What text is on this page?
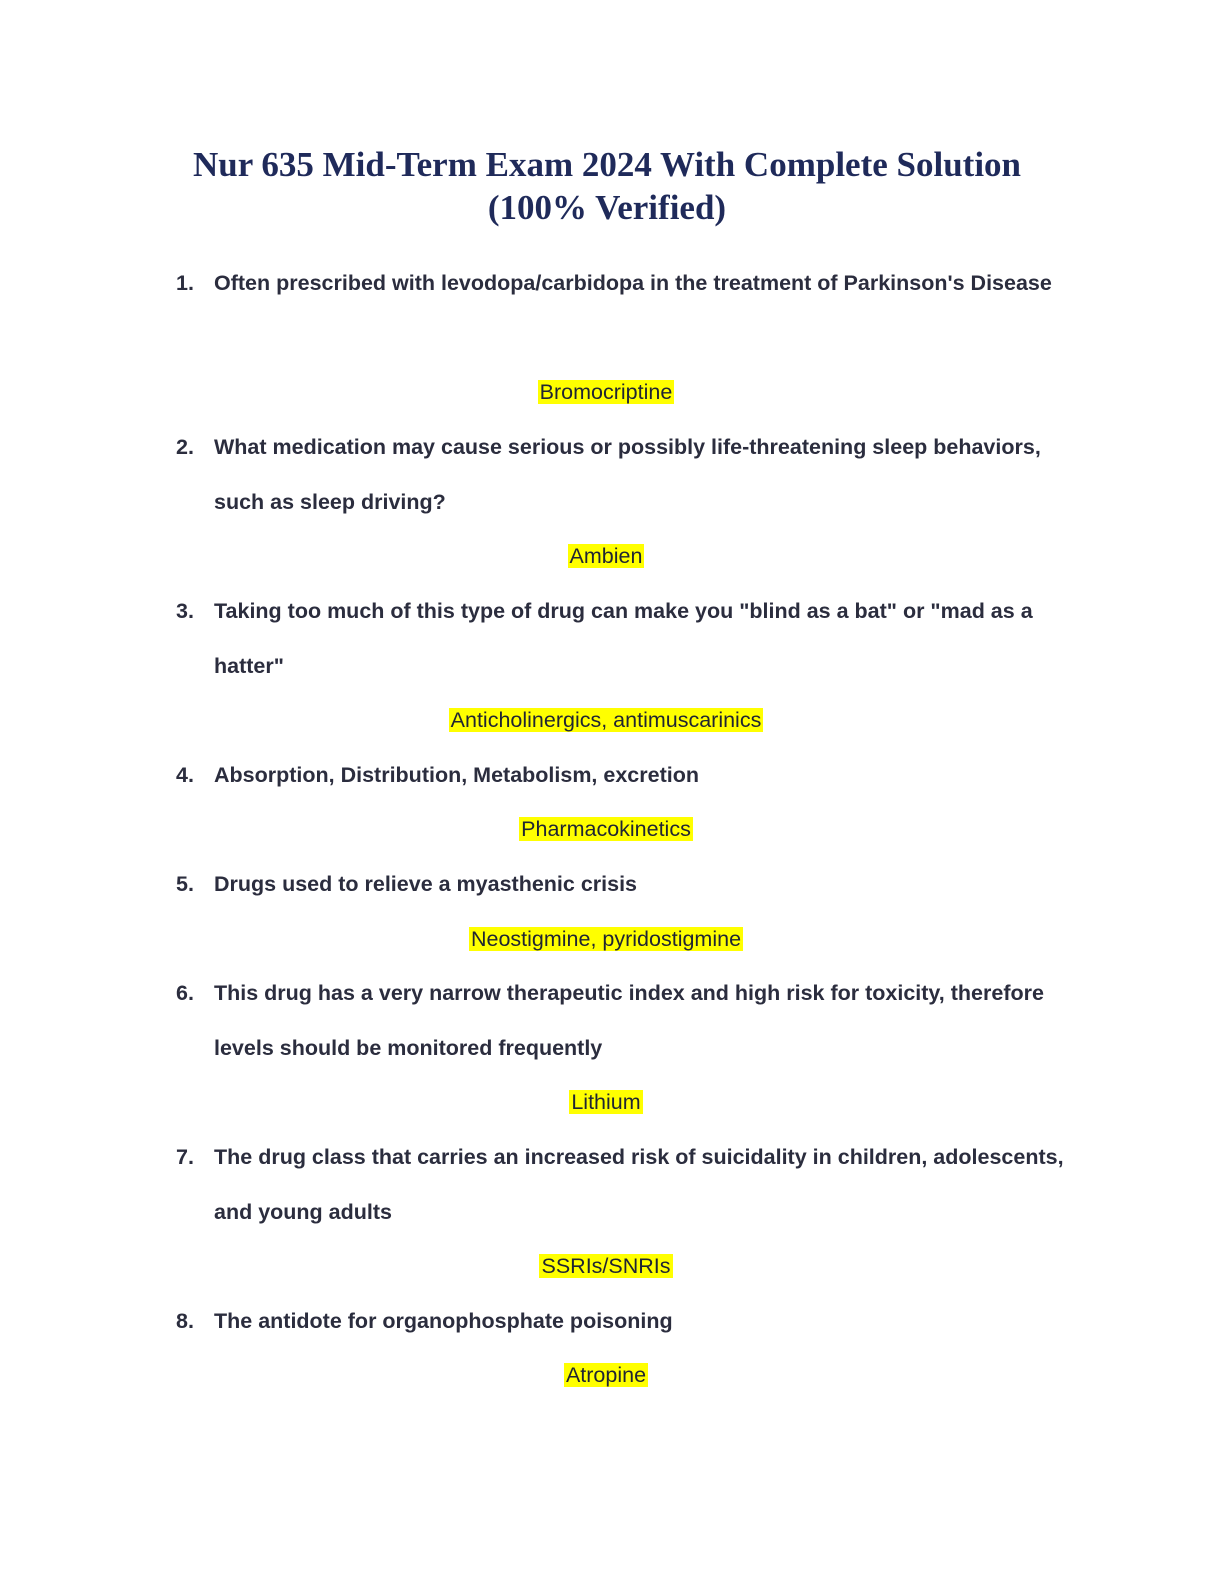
Nur 635 Mid-Term Exam 2024 With Complete Solution (100% Verified)
1. Often prescribed with levodopa/carbidopa in the treatment of Parkinson's Disease
Bromocriptine
2. What medication may cause serious or possibly life-threatening sleep behaviors, such as sleep driving?
Ambien
3. Taking too much of this type of drug can make you "blind as a bat" or "mad as a hatter"
Anticholinergics, antimuscarinics
4. Absorption, Distribution, Metabolism, excretion
Pharmacokinetics
5. Drugs used to relieve a myasthenic crisis
Neostigmine, pyridostigmine
6. This drug has a very narrow therapeutic index and high risk for toxicity, therefore levels should be monitored frequently
Lithium
7. The drug class that carries an increased risk of suicidality in children, adolescents, and young adults
SSRIs/SNRIs
8. The antidote for organophosphate poisoning
Atropine
